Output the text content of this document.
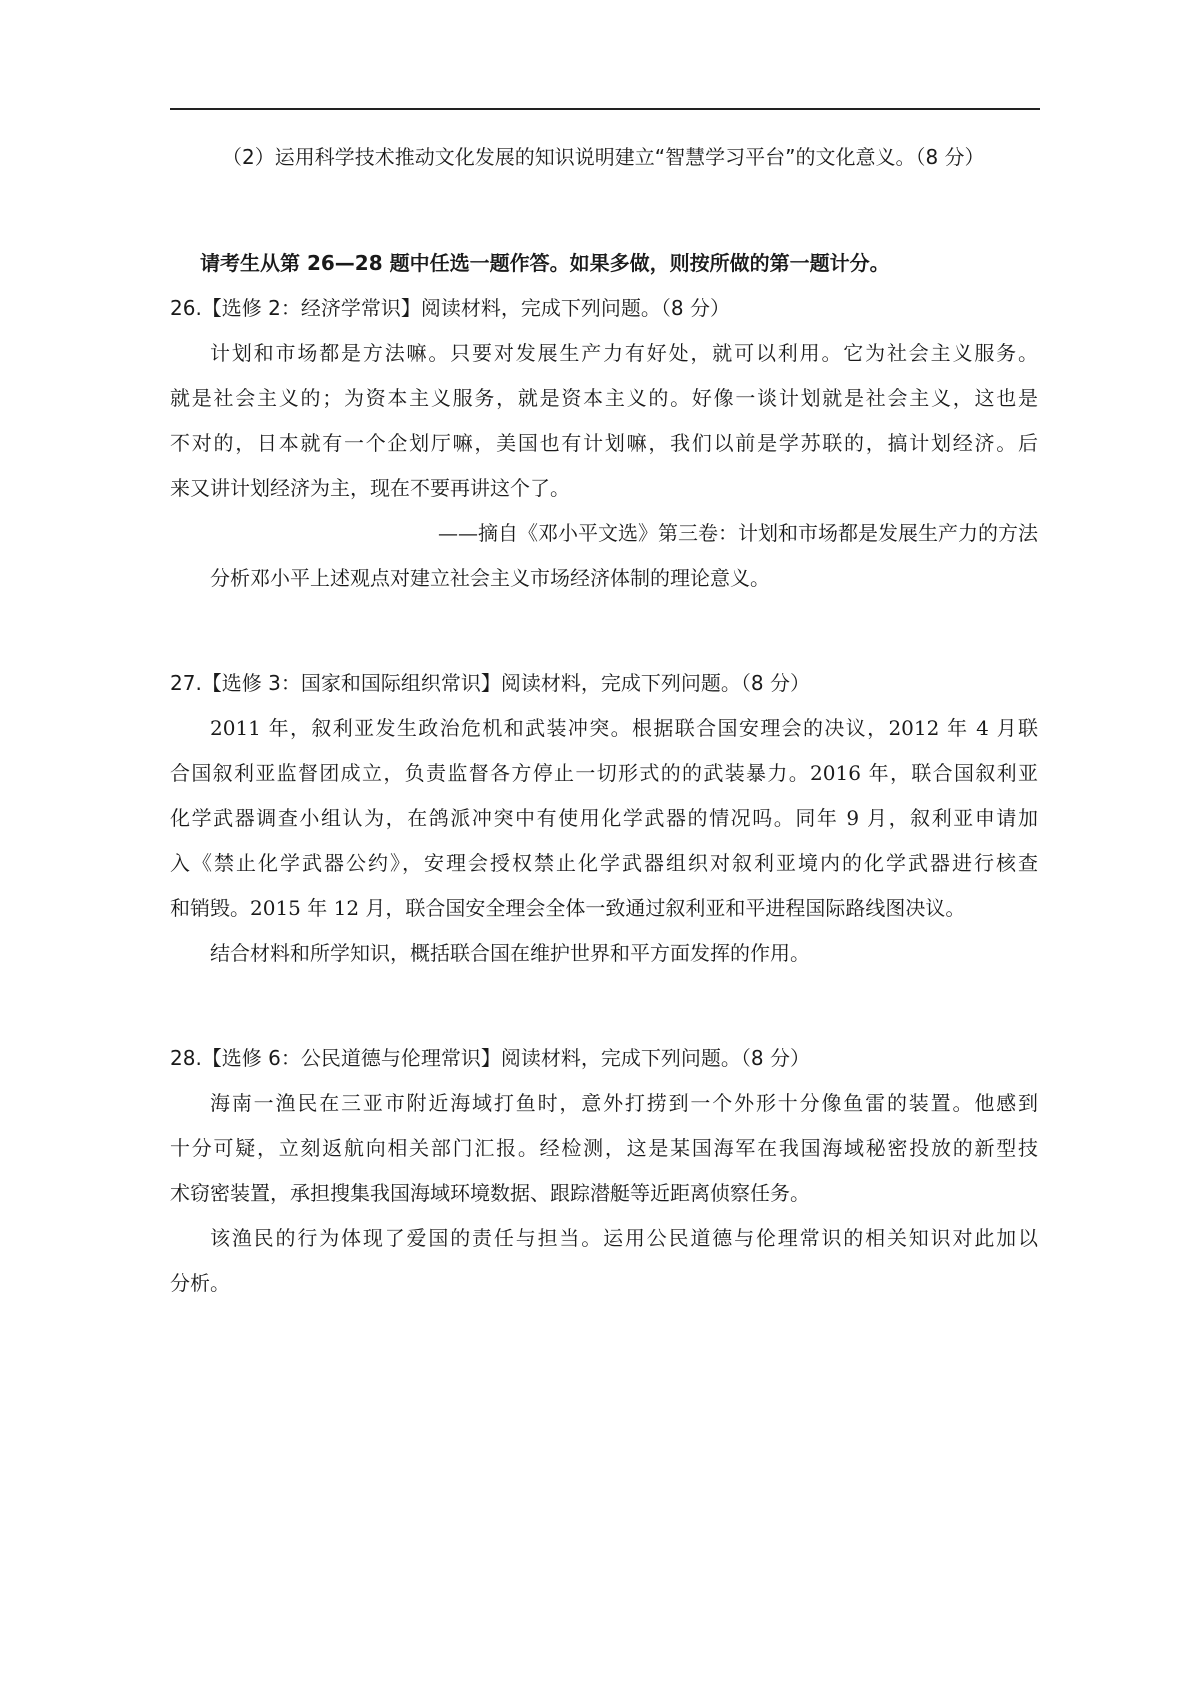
（2）运用科学技术推动文化发展的知识说明建立“智慧学习平台”的文化意义。（8 分）
请考生从第 26—28 题中任选一题作答。如果多做，则按所做的第一题计分。
26.【选修 2：经济学常识】阅读材料，完成下列问题。（8 分）
计划和市场都是方法嘛。只要对发展生产力有好处，就可以利用。它为社会主义服务。
就是社会主义的；为资本主义服务，就是资本主义的。好像一谈计划就是社会主义，这也是
不对的，日本就有一个企划厅嘛，美国也有计划嘛，我们以前是学苏联的，搞计划经济。后
来又讲计划经济为主，现在不要再讲这个了。
——摘自《邓小平文选》第三卷：计划和市场都是发展生产力的方法
分析邓小平上述观点对建立社会主义市场经济体制的理论意义。
27.【选修 3：国家和国际组织常识】阅读材料，完成下列问题。（8 分）
2011 年，叙利亚发生政治危机和武装冲突。根据联合国安理会的决议，2012 年 4 月联
合国叙利亚监督团成立，负责监督各方停止一切形式的的武装暴力。2016 年，联合国叙利亚
化学武器调查小组认为，在鸽派冲突中有使用化学武器的情况吗。同年 9 月，叙利亚申请加
入《禁止化学武器公约》，安理会授权禁止化学武器组织对叙利亚境内的化学武器进行核查
和销毁。2015 年 12 月，联合国安全理会全体一致通过叙利亚和平进程国际路线图决议。
结合材料和所学知识，概括联合国在维护世界和平方面发挥的作用。
28.【选修 6：公民道德与伦理常识】阅读材料，完成下列问题。（8 分）
海南一渔民在三亚市附近海域打鱼时，意外打捞到一个外形十分像鱼雷的装置。他感到
十分可疑，立刻返航向相关部门汇报。经检测，这是某国海军在我国海域秘密投放的新型技
术窃密装置，承担搜集我国海域环境数据、跟踪潜艇等近距离侦察任务。
该渔民的行为体现了爱国的责任与担当。运用公民道德与伦理常识的相关知识对此加以
分析。
